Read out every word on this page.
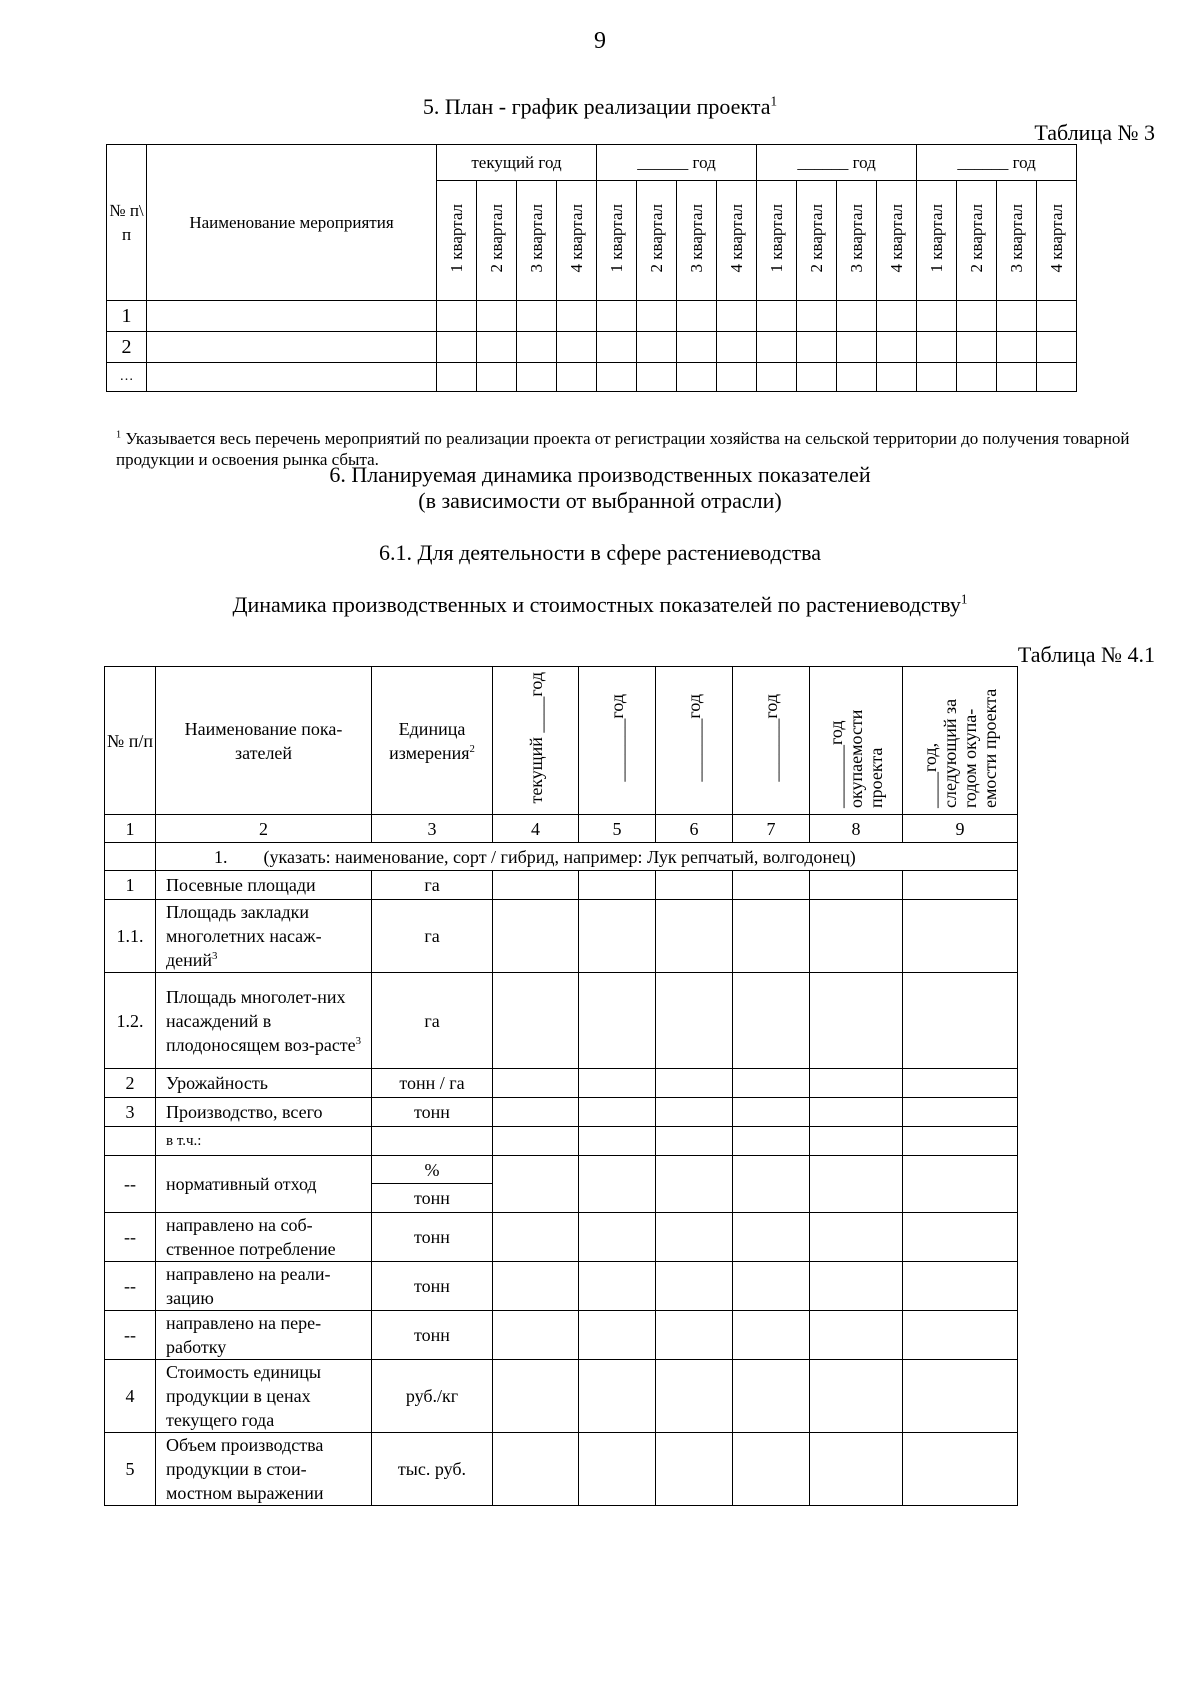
9
5. План - график реализации проекта$^1$
Таблица № 3
№ п\ п	Наименование мероприятия	текущий год				______ год				______ год				______ год			
		1 квартал	2 квартал	3 квартал	4 квартал	1 квартал	2 квартал	3 квартал	4 квартал	1 квартал	2 квартал	3 квартал	4 квартал	1 квартал	2 квартал	3 квартал	4 квартал
1																	
2																	
…																	
$^1$ Указывается весь перечень мероприятий по реализации проекта от регистрации хозяйства на сельской территории до получения товарной продукции и освоения рынка сбыта.
6. Планируемая динамика производственных показателей
(в зависимости от выбранной отрасли)
6.1. Для деятельности в сфере растениеводства
Динамика производственных и стоимостных показателей по растениеводству$^1$
Таблица № 4.1
№ п/п	Наименование пока-зателей	Единица измерения$^2$	текущий ____год	_______год	_______год	_______год	_______год окупаемости проекта	____год, следующий за годом окупа-емости проекта
1	2	3	4	5	6	7	8	9
	1. (указать: наименование, сорт / гибрид, например: Лук репчатый, волгодонец)							
1	Посевные площади	га						
1.1.	Площадь закладки многолетних насаж-дений$^3$	га						
1.2.	Площадь многолет-них насаждений в плодоносящем воз-расте$^3$	га						
2	Урожайность	тонн / га						
3	Производство, всего	тонн						
	в т.ч.:							
--	нормативный отход	%						
		тонн						
--	направлено на соб-ственное потребление	тонн						
--	направлено на реали-зацию	тонн						
--	направлено на пере-работку	тонн						
4	Стоимость единицы продукции в ценах текущего года	руб./кг						
5	Объем производства продукции в стои-мостном выражении	тыс. руб.						
